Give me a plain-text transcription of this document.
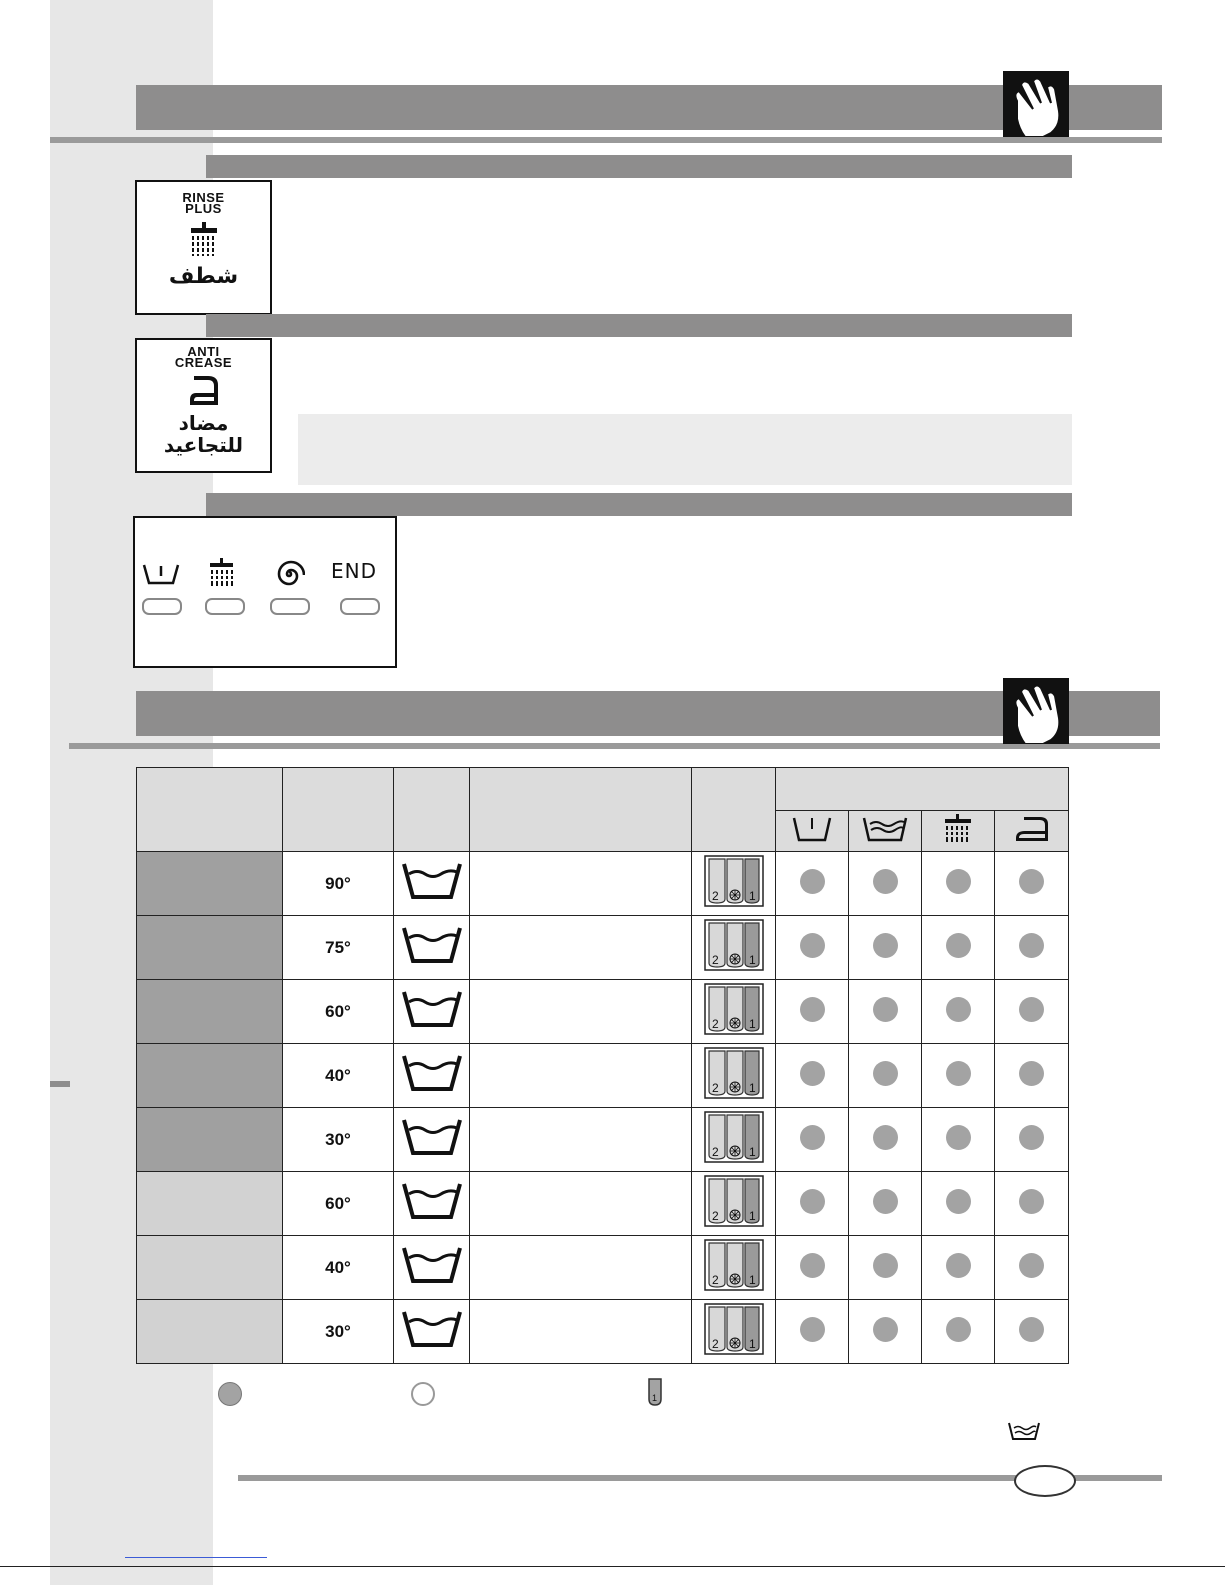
RINSE
PLUS
شطف
ANTI
CREASE
مضاد
للتجاعيد
END

	90°			2 1				

	75°			2 1				

	60°			2 1				

	40°			2 1				

	30°			2 1				

	60°			2 1				

	40°			2 1				

	30°			2 1				

1
